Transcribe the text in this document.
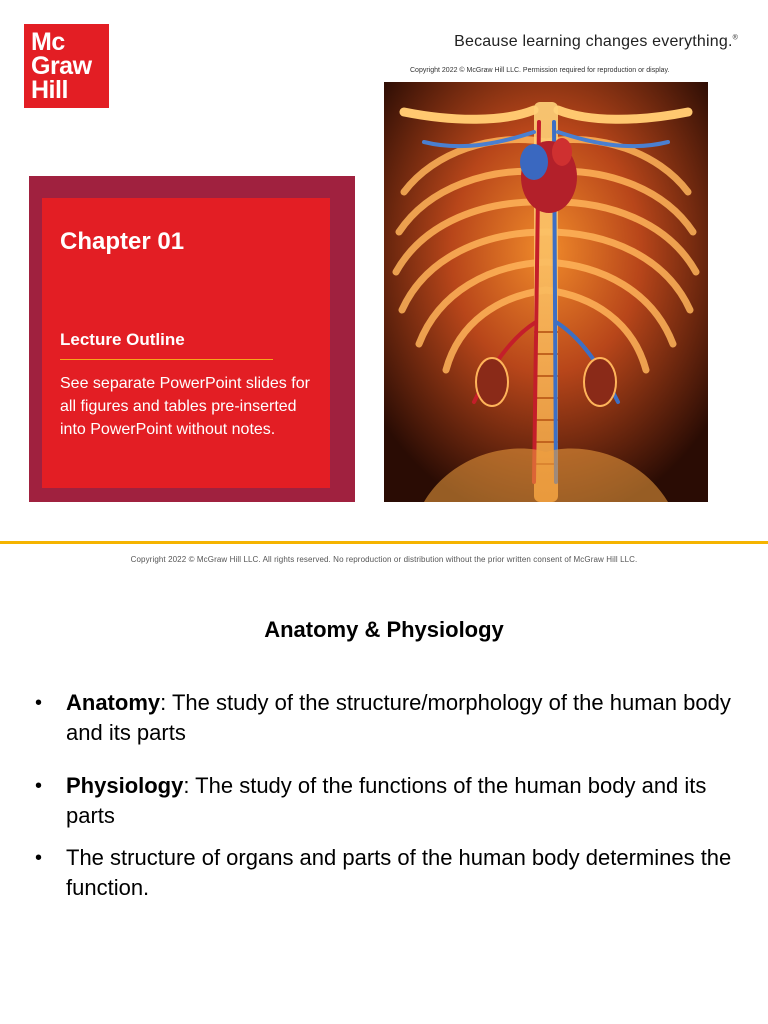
Mc
Graw
Hill
Because learning changes everything.®
Copyright 2022 © McGraw Hill LLC. Permission required for reproduction or display.
Chapter 01
Lecture Outline
See separate PowerPoint slides for all figures and tables pre-inserted into PowerPoint without notes.
Copyright 2022 © McGraw Hill LLC. All rights reserved. No reproduction or distribution without the prior written consent of McGraw Hill LLC.
Anatomy & Physiology
• Anatomy: The study of the structure/morphology of the human body and its parts
• Physiology: The study of the functions of the human body and its parts
• The structure of organs and parts of the human body determines the function.
